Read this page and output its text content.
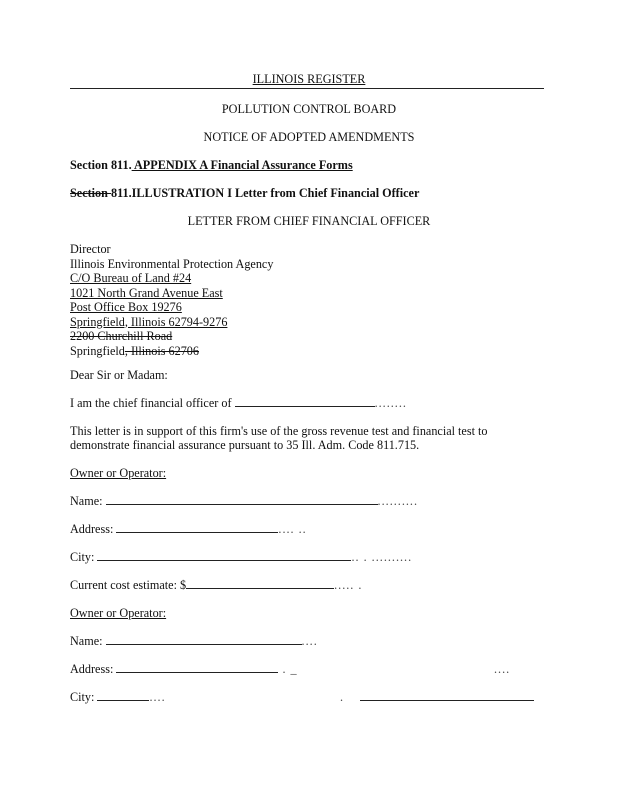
ILLINOIS REGISTER
POLLUTION CONTROL BOARD
NOTICE OF ADOPTED AMENDMENTS
Section 811. APPENDIX A Financial Assurance Forms
Section 811.ILLUSTRATION I Letter from Chief Financial Officer
LETTER FROM CHIEF FINANCIAL OFFICER
Director
Illinois Environmental Protection Agency
C/O Bureau of Land #24
1021 North Grand Avenue East
Post Office Box 19276
Springfield, Illinois 62794-9276
2200 Churchill Road
Springfield, Illinois 62706
Dear Sir or Madam:
I am the chief financial officer of	........
This letter is in support of this firm's use of the gross revenue test and financial test to demonstrate financial assurance pursuant to 35 Ill. Adm. Code 811.715.
Owner or Operator:
Name:	..........
Address:	.... ..
City:	.. . ..........
Current cost estimate: $	..... .
Owner or Operator:
Name:	....
Address:	. _	....
City:	....	.
